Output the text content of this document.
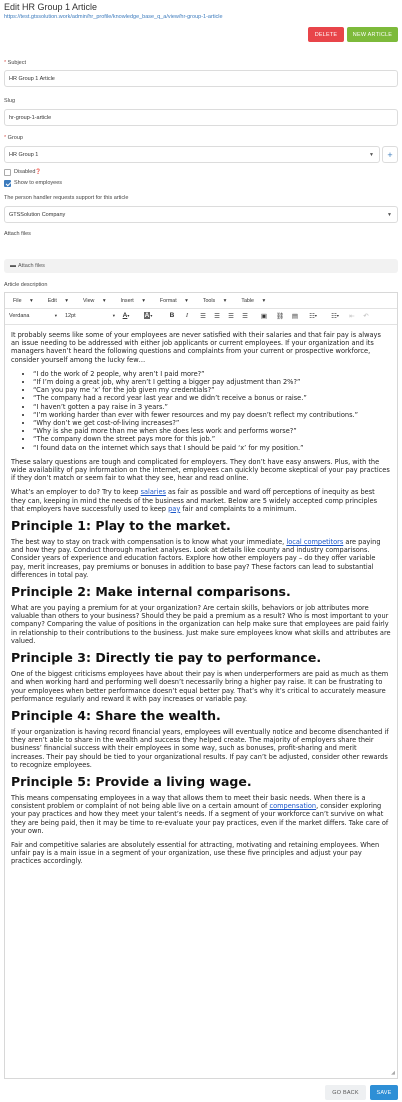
Edit HR Group 1 Article
https://test.gtssolution.work/admin/hr_profile/knowledge_base_q_a/view/hr-group-1-article
DELETE	NEW ARTICLE
* Subject
HR Group 1 Article
Slug
hr-group-1-article
* Group
HR Group 1	▼	+
Disabled❓
Show to employees
The person handler requests support for this article
GTSSolution Company	▼
Attach files
▬ Attach files
Article description
File ▾	Edit ▾	View ▾	Insert ▾	Format ▾	Tools ▾	Table ▾
Verdana	▾ 12pt	▾ A ▾ A ▾	B	I	☰	☰	☰	☰	▣ ⛓ ▤	☷ ▾	☷ ▾	⇤	↶

It probably seems like some of your employees are never satisfied with their salaries and that fair pay is always an issue needing to be addressed with either job applicants or current employees. If your organization and its managers haven’t heard the following questions and complaints from your current or prospective workforce, consider yourself among the lucky few…

• “I do the work of 2 people, why aren’t I paid more?”
• “If I’m doing a great job, why aren’t I getting a bigger pay adjustment than 2%?”
• “Can you pay me ‘x’ for the job given my credentials?”
• “The company had a record year last year and we didn’t receive a bonus or raise.”
• “I haven’t gotten a pay raise in 3 years.”
• “I’m working harder than ever with fewer resources and my pay doesn’t reflect my contributions.”
• “Why don’t we get cost-of-living increases?”
• “Why is she paid more than me when she does less work and performs worse?”
• “The company down the street pays more for this job.”
• “I found data on the internet which says that I should be paid ‘x’ for my position.”

These salary questions are tough and complicated for employers. They don’t have easy answers. Plus, with the wide availability of pay information on the internet, employees can quickly become skeptical of your pay practices if they don’t match or seem fair to what they see, hear and read online.

What’s an employer to do? Try to keep salaries as fair as possible and ward off perceptions of inequity as best they can, keeping in mind the needs of the business and market. Below are 5 widely accepted comp principles that employers have successfully used to keep pay fair and complaints to a minimum.

Principle 1: Play to the market.

The best way to stay on track with compensation is to know what your immediate, local competitors are paying and how they pay. Conduct thorough market analyses. Look at details like county and industry comparisons. Consider years of experience and education factors. Explore how other employers pay – do they offer variable pay, merit increases, pay premiums or bonuses in addition to base pay? These factors can lead to substantial differences in total pay.

Principle 2: Make internal comparisons.

What are you paying a premium for at your organization? Are certain skills, behaviors or job attributes more valuable than others to your business? Should they be paid a premium as a result? Who is most important to your company? Comparing the value of positions in the organization can help make sure that employees are paid fairly in relationship to their contributions to the business. Just make sure employees know what skills and attributes are valued.

Principle 3: Directly tie pay to performance.

One of the biggest criticisms employees have about their pay is when underperformers are paid as much as them and when working hard and performing well doesn’t necessarily bring a higher pay raise. It can be frustrating to your employees when better performance doesn’t equal better pay. That’s why it’s critical to accurately measure performance regularly and reward it with pay increases or variable pay.

Principle 4: Share the wealth.

If your organization is having record financial years, employees will eventually notice and become disenchanted if they aren’t able to share in the wealth and success they helped create. The majority of employers share their business’ financial success with their employees in some way, such as bonuses, profit-sharing and merit increases. Their pay should be tied to your organizational results. If pay can’t be adjusted, consider other rewards to recognize employees.

Principle 5: Provide a living wage.

This means compensating employees in a way that allows them to meet their basic needs. When there is a consistent problem or complaint of not being able live on a certain amount of compensation, consider exploring your pay practices and how they meet your talent’s needs. If a segment of your workforce can’t survive on what they are being paid, then it may be time to re-evaluate your pay practices, even if the market differs. Take care of your own.

Fair and competitive salaries are absolutely essential for attracting, motivating and retaining employees. When unfair pay is a main issue in a segment of your organization, use these five principles and adjust your pay practices accordingly.

◢
GO BACK	SAVE
